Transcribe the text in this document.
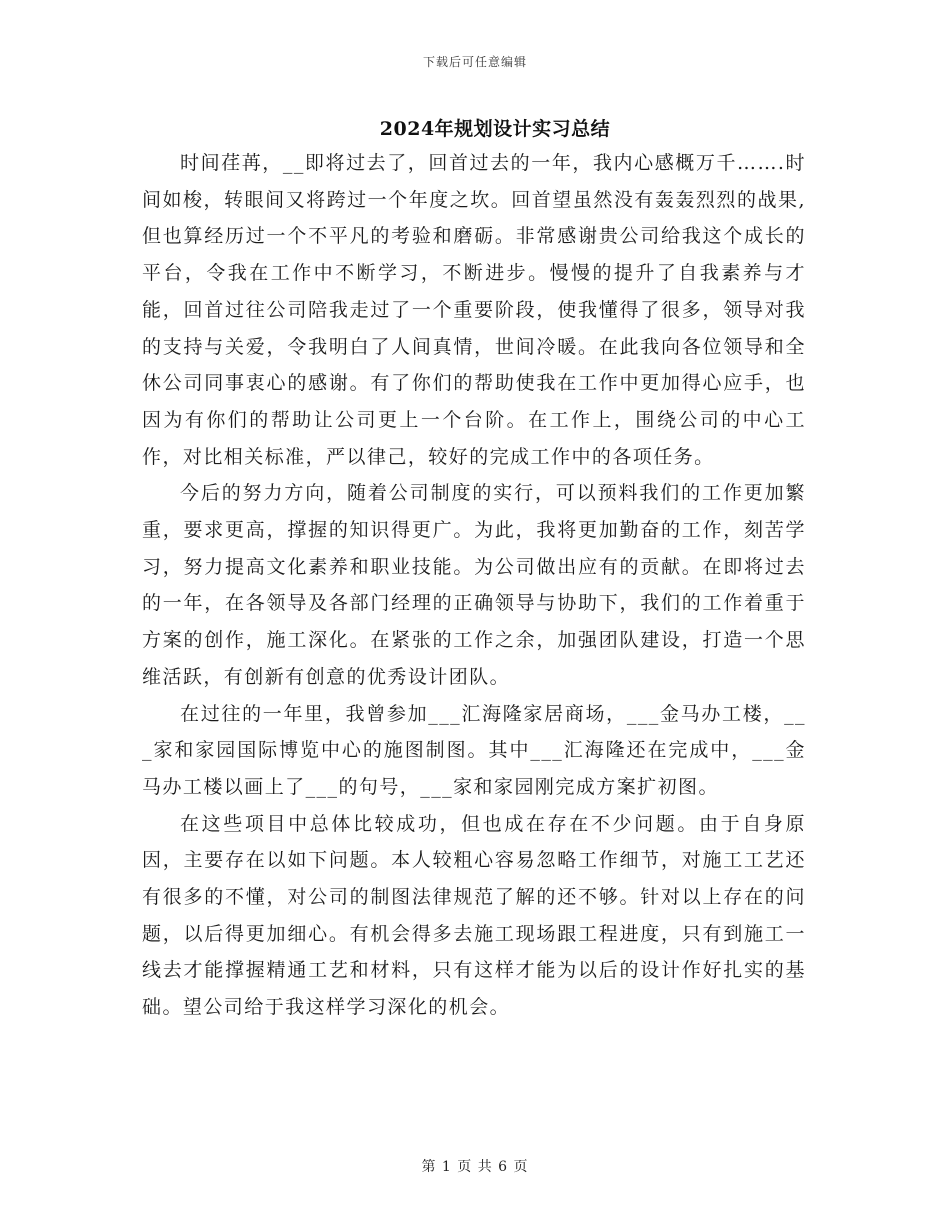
下载后可任意编辑
2024年规划设计实习总结

时间荏苒，__即将过去了，回首过去的一年，我内心感概万千…….时间如梭，转眼间又将跨过一个年度之坎。回首望虽然没有轰轰烈烈的战果,但也算经历过一个不平凡的考验和磨砺。非常感谢贵公司给我这个成长的平台，令我在工作中不断学习，不断进步。慢慢的提升了自我素养与才能，回首过往公司陪我走过了一个重要阶段，使我懂得了很多，领导对我的支持与关爱，令我明白了人间真情，世间冷暖。在此我向各位领导和全休公司同事衷心的感谢。有了你们的帮助使我在工作中更加得心应手，也因为有你们的帮助让公司更上一个台阶。在工作上，围绕公司的中心工作，对比相关标准，严以律己，较好的完成工作中的各项任务。

今后的努力方向，随着公司制度的实行，可以预料我们的工作更加繁重，要求更高，撑握的知识得更广。为此，我将更加勤奋的工作，刻苦学习，努力提高文化素养和职业技能。为公司做出应有的贡献。在即将过去的一年，在各领导及各部门经理的正确领导与协助下，我们的工作着重于方案的创作，施工深化。在紧张的工作之余，加强团队建设，打造一个思维活跃，有创新有创意的优秀设计团队。

在过往的一年里，我曾参加___汇海隆家居商场，___金马办工楼，___家和家园国际博览中心的施图制图。其中___汇海隆还在完成中，___金马办工楼以画上了___的句号，___家和家园刚完成方案扩初图。

在这些项目中总体比较成功，但也成在存在不少问题。由于自身原因，主要存在以如下问题。本人较粗心容易忽略工作细节，对施工工艺还有很多的不懂，对公司的制图法律规范了解的还不够。针对以上存在的问题，以后得更加细心。有机会得多去施工现场跟工程进度，只有到施工一线去才能撑握精通工艺和材料，只有这样才能为以后的设计作好扎实的基础。望公司给于我这样学习深化的机会。

第 1 页 共 6 页
